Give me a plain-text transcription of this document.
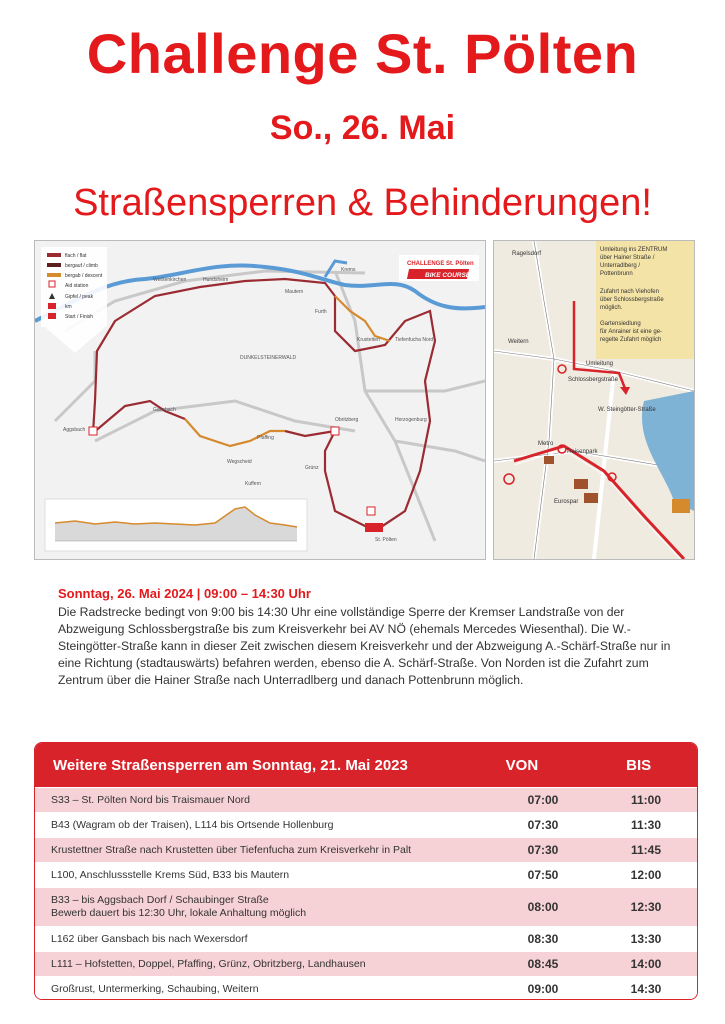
Challenge St. Pölten
So., 26. Mai
Straßensperren & Behinderungen!
DUNKELSTEINERWALD
Weißenkirchen	Hundsheim
Krems
Mautern
Furth
Krustetten	Tiefenfucha Nord
Gansbach
Aggsbach
Pfaffing
Wegscheid
Obritzberg
Grünz
Kuffern
Herzogenburg
St. Pölten
flach / flat
bergauf / climb
bergab / descent
Aid station
Gipfel / peak
km
Start / Finish
CHALLENGE St. Pölten
BIKE COURSE
Umleitung ins ZENTRUM über Hainer Straße / Unterradlberg / Pottenbrunn
Zufahrt nach Viehofen über Schlossbergstraße möglich.
Gartensiedlung für Anrainer ist eine ge- regelte Zufahrt möglich
Ragelsdorf
Weitern
Umleitung
Schlossbergstraße
W. Steingötter-Straße
Metro
Traisenpark
Eurospar
Sonntag, 26. Mai 2024 | 09:00 – 14:30 Uhr
Die Radstrecke bedingt von 9:00 bis 14:30 Uhr eine vollständige Sperre der Kremser Landstraße von der Abzweigung Schlossbergstraße bis zum Kreisverkehr bei AV NÖ (ehemals Mercedes Wiesenthal). Die W.-Steingötter-Straße kann in dieser Zeit zwischen diesem Kreisverkehr und der Abzweigung A.-Schärf-Straße nur in eine Richtung (stadtauswärts) befahren werden, ebenso die A. Schärf-Straße. Von Norden ist die Zufahrt zum Zentrum über die Hainer Straße nach Unterradlberg und danach Pottenbrunn möglich.
Weitere Straßensperren am Sonntag, 21. Mai 2023	VON	BIS
S33 – St. Pölten Nord bis Traismauer Nord	07:00	11:00
B43 (Wagram ob der Traisen), L114 bis Ortsende Hollenburg	07:30	11:30
Krustettner Straße nach Krustetten über Tiefenfucha zum Kreisverkehr in Palt	07:30	11:45
L100, Anschlussstelle Krems Süd, B33 bis Mautern	07:50	12:00
B33 – bis Aggsbach Dorf / Schaubinger Straße
Bewerb dauert bis 12:30 Uhr, lokale Anhaltung möglich	08:00	12:30
L162 über Gansbach bis nach Wexersdorf	08:30	13:30
L111 – Hofstetten, Doppel, Pfaffing, Grünz, Obritzberg, Landhausen	08:45	14:00
Großrust, Untermerking, Schaubing, Weitern	09:00	14:30
